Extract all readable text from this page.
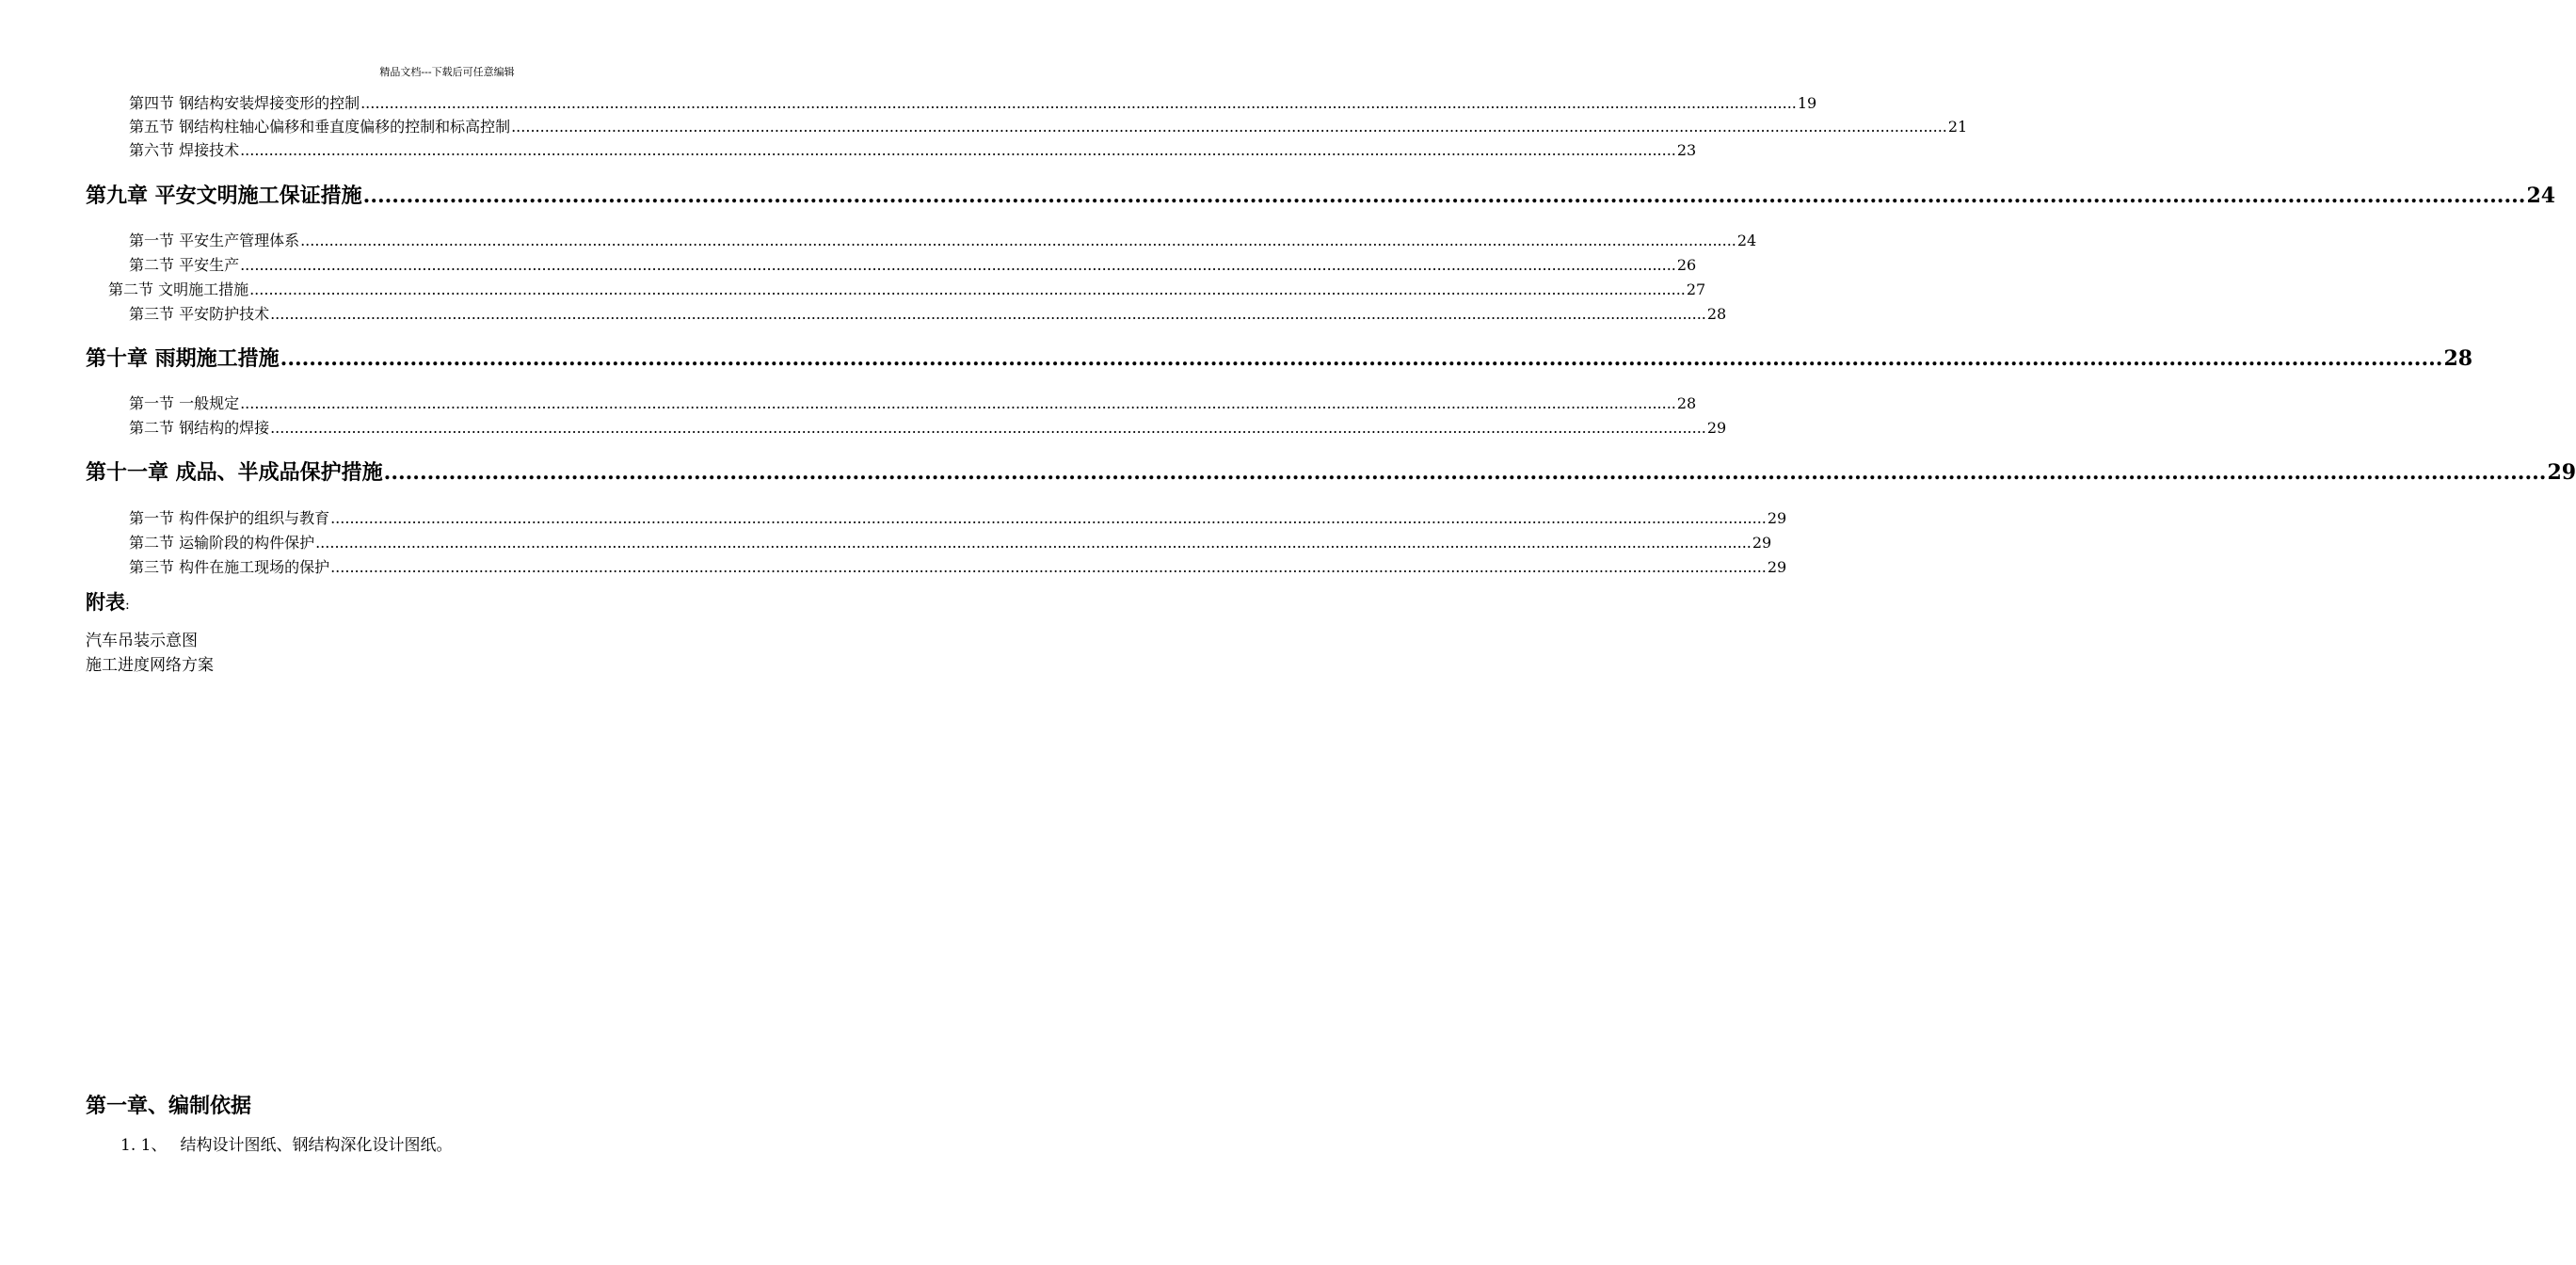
精品文档---下载后可任意编辑
第四节 钢结构安装焊接变形的控制 ............................................................................................................................................................................................................................................................................................................ 19
第五节 钢结构柱轴心偏移和垂直度偏移的控制和标高控制 ............................................................................................................................................................................................................................................................................................................ 21
第六节 焊接技术 ............................................................................................................................................................................................................................................................................................................ 23
第九章 平安文明施工保证措施 ............................................................................................................................................................................................................................................................................................................ 24
第一节 平安生产管理体系 ............................................................................................................................................................................................................................................................................................................ 24
第二节 平安生产 ............................................................................................................................................................................................................................................................................................................ 26
第二节 文明施工措施 ............................................................................................................................................................................................................................................................................................................ 27
第三节 平安防护技术 ............................................................................................................................................................................................................................................................................................................ 28
第十章 雨期施工措施 ............................................................................................................................................................................................................................................................................................................ 28
第一节 一般规定 ............................................................................................................................................................................................................................................................................................................ 28
第二节 钢结构的焊接 ............................................................................................................................................................................................................................................................................................................ 29
第十一章 成品、半成品保护措施 ............................................................................................................................................................................................................................................................................................................ 29
第一节 构件保护的组织与教育 ............................................................................................................................................................................................................................................................................................................ 29
第二节 运输阶段的构件保护 ............................................................................................................................................................................................................................................................................................................ 29
第三节 构件在施工现场的保护 ............................................................................................................................................................................................................................................................................................................ 29
附表:
汽车吊装示意图
施工进度网络方案
第一章、编制依据
1. 1、 结构设计图纸、钢结构深化设计图纸。
